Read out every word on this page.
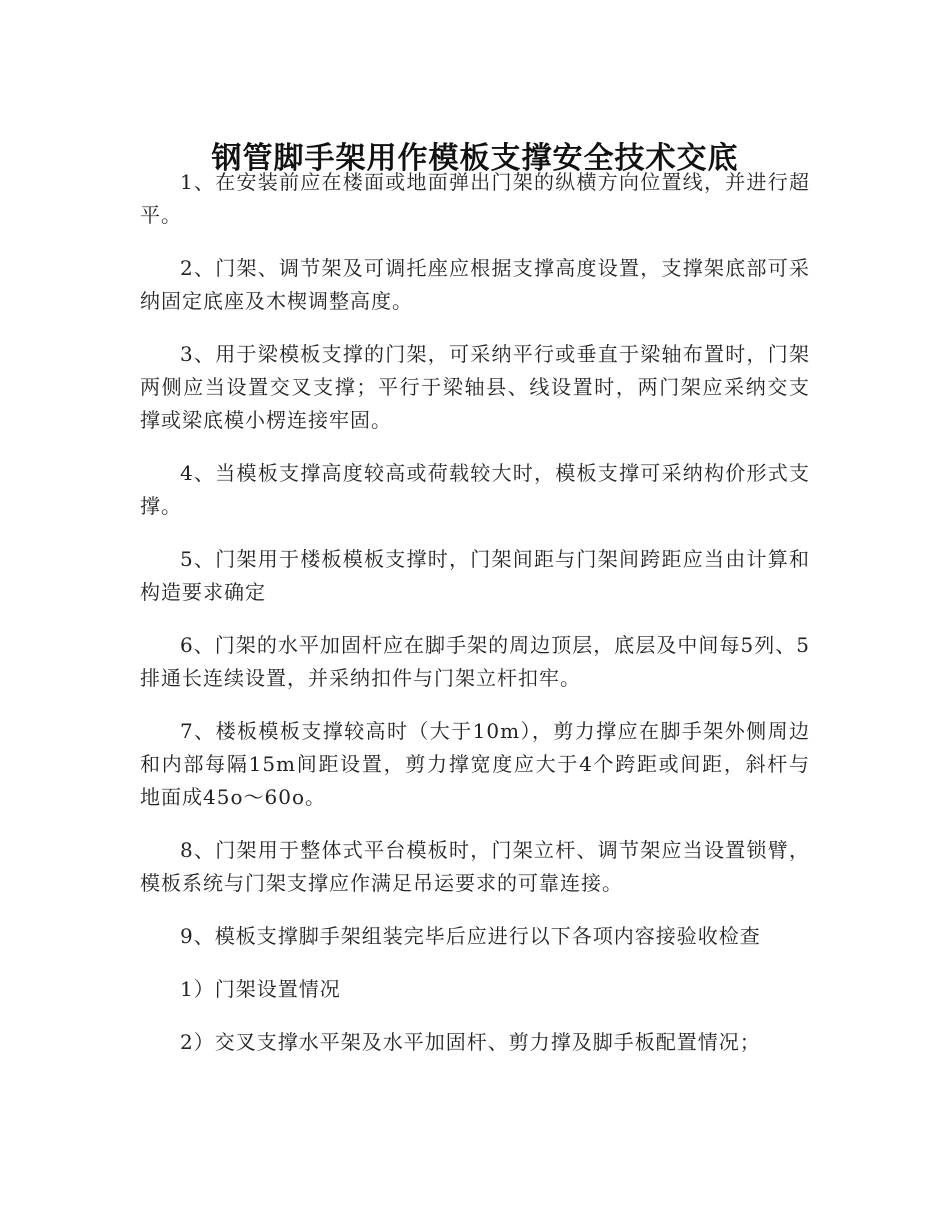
钢管脚手架用作模板支撑安全技术交底

1、在安装前应在楼面或地面弹出门架的纵横方向位置线，并进行超平。

2、门架、调节架及可调托座应根据支撑高度设置，支撑架底部可采纳固定底座及木楔调整高度。

3、用于梁模板支撑的门架，可采纳平行或垂直于梁轴布置时，门架两侧应当设置交叉支撑；平行于梁轴县、线设置时，两门架应采纳交支撑或梁底模小楞连接牢固。

4、当模板支撑高度较高或荷载较大时，模板支撑可采纳构价形式支撑。

5、门架用于楼板模板支撑时，门架间距与门架间跨距应当由计算和构造要求确定

6、门架的水平加固杆应在脚手架的周边顶层，底层及中间每5列、5排通长连续设置，并采纳扣件与门架立杆扣牢。

7、楼板模板支撑较高时（大于10m），剪力撑应在脚手架外侧周边和内部每隔15m间距设置，剪力撑宽度应大于4个跨距或间距，斜杆与地面成45o～60o。

8、门架用于整体式平台模板时，门架立杆、调节架应当设置锁臂，模板系统与门架支撑应作满足吊运要求的可靠连接。

9、模板支撑脚手架组装完毕后应进行以下各项内容接验收检查

1）门架设置情况

2）交叉支撑水平架及水平加固杆、剪力撑及脚手板配置情况；
